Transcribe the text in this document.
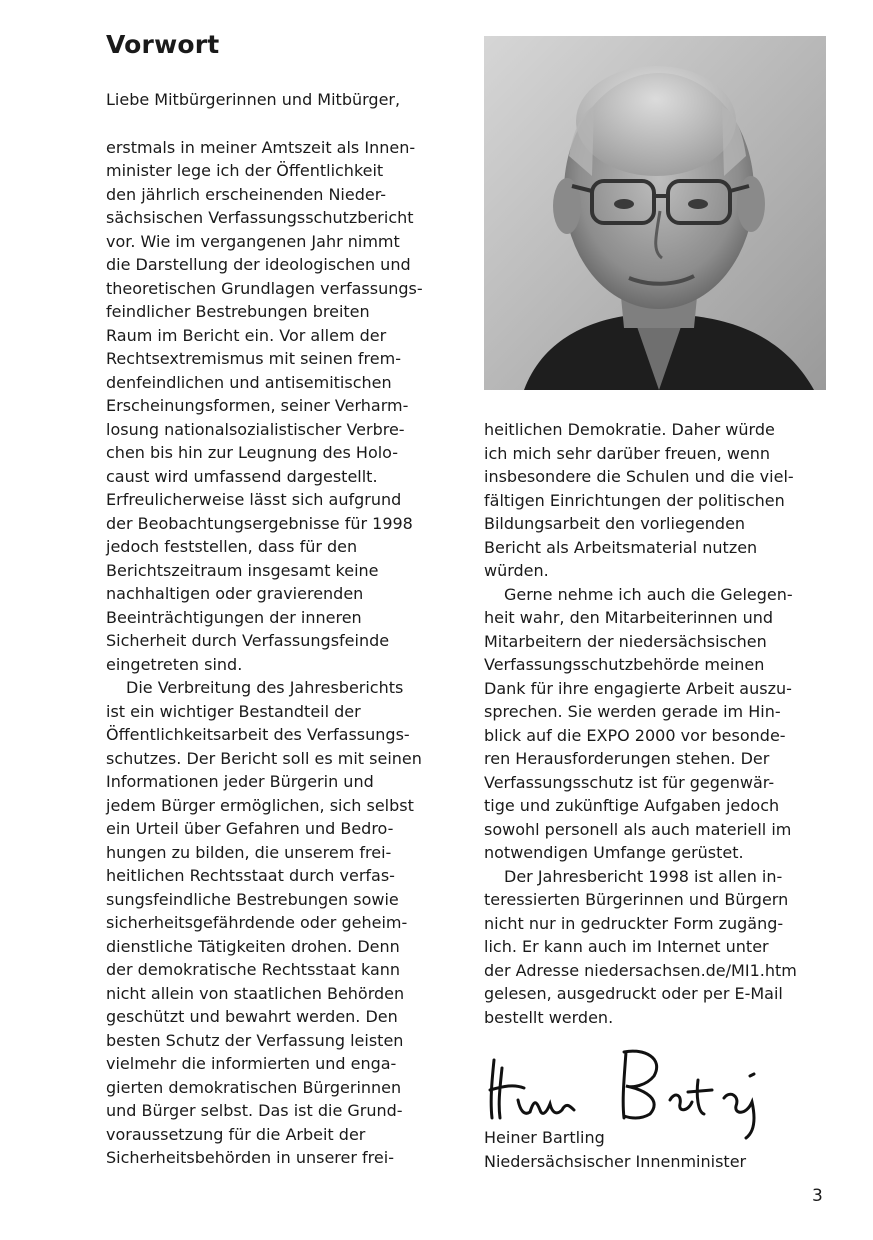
Vorwort
Liebe Mitbürgerinnen und Mitbürger,
erstmals in meiner Amtszeit als Innen-
minister lege ich der Öffentlichkeit
den jährlich erscheinenden Nieder-
sächsischen Verfassungsschutzbericht
vor. Wie im vergangenen Jahr nimmt
die Darstellung der ideologischen und
theoretischen Grundlagen verfassungs-
feindlicher Bestrebungen breiten
Raum im Bericht ein. Vor allem der
Rechtsextremismus mit seinen frem-
denfeindlichen und antisemitischen
Erscheinungsformen, seiner Verharm-
losung nationalsozialistischer Verbre-
chen bis hin zur Leugnung des Holo-
caust wird umfassend dargestellt.
Erfreulicherweise lässt sich aufgrund
der Beobachtungsergebnisse für 1998
jedoch feststellen, dass für den
Berichtszeitraum insgesamt keine
nachhaltigen oder gravierenden
Beeinträchtigungen der inneren
Sicherheit durch Verfassungsfeinde
eingetreten sind.
Die Verbreitung des Jahresberichts
ist ein wichtiger Bestandteil der
Öffentlichkeitsarbeit des Verfassungs-
schutzes. Der Bericht soll es mit seinen
Informationen jeder Bürgerin und
jedem Bürger ermöglichen, sich selbst
ein Urteil über Gefahren und Bedro-
hungen zu bilden, die unserem frei-
heitlichen Rechtsstaat durch verfas-
sungsfeindliche Bestrebungen sowie
sicherheitsgefährdende oder geheim-
dienstliche Tätigkeiten drohen. Denn
der demokratische Rechtsstaat kann
nicht allein von staatlichen Behörden
geschützt und bewahrt werden. Den
besten Schutz der Verfassung leisten
vielmehr die informierten und enga-
gierten demokratischen Bürgerinnen
und Bürger selbst. Das ist die Grund-
voraussetzung für die Arbeit der
Sicherheitsbehörden in unserer frei-
heitlichen Demokratie. Daher würde
ich mich sehr darüber freuen, wenn
insbesondere die Schulen und die viel-
fältigen Einrichtungen der politischen
Bildungsarbeit den vorliegenden
Bericht als Arbeitsmaterial nutzen
würden.
Gerne nehme ich auch die Gelegen-
heit wahr, den Mitarbeiterinnen und
Mitarbeitern der niedersächsischen
Verfassungsschutzbehörde meinen
Dank für ihre engagierte Arbeit auszu-
sprechen. Sie werden gerade im Hin-
blick auf die EXPO 2000 vor besonde-
ren Herausforderungen stehen. Der
Verfassungsschutz ist für gegenwär-
tige und zukünftige Aufgaben jedoch
sowohl personell als auch materiell im
notwendigen Umfange gerüstet.
Der Jahresbericht 1998 ist allen in-
teressierten Bürgerinnen und Bürgern
nicht nur in gedruckter Form zugäng-
lich. Er kann auch im Internet unter
der Adresse niedersachsen.de/MI1.htm
gelesen, ausgedruckt oder per E-Mail
bestellt werden.
Heiner Bartling
Niedersächsischer Innenminister
3
